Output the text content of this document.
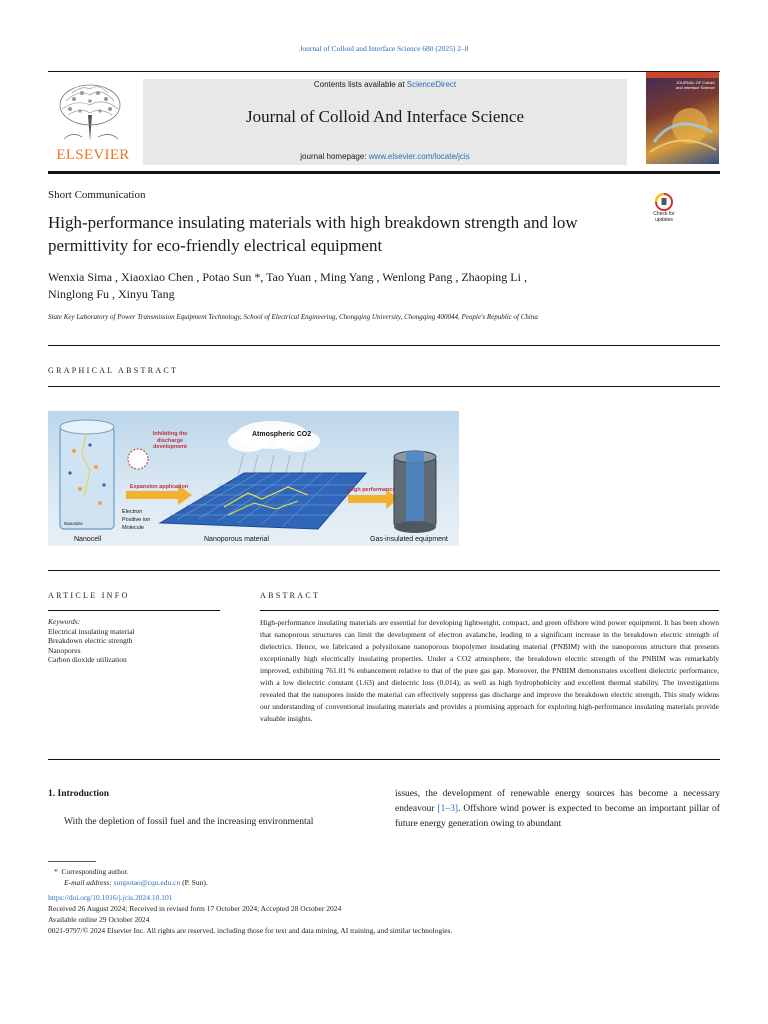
Journal of Colloid and Interface Science 680 (2025) 2–8
ELSEVIER
Contents lists available at ScienceDirect
Journal of Colloid And Interface Science
journal homepage: www.elsevier.com/locate/jcis
JOURNAL OF Colloid and Interface Science
Short Communication
Check for updates
High-performance insulating materials with high breakdown strength and low permittivity for eco-friendly electrical equipment
Wenxia Sima , Xiaoxiao Chen , Potao Sun *, Tao Yuan , Ming Yang , Wenlong Pang , Zhaoping Li ,
Ninglong Fu , Xinyu Tang
State Key Laboratory of Power Transmission Equipment Technology, School of Electrical Engineering, Chongqing University, Chongqing 400044, People's Republic of China
GRAPHICAL ABSTRACT
Inhibiting the discharge development
Atmospheric CO2
Expansion application	High performance
Electron
Positive ion
Molecule
Nanosize
Nanocell	Nanoporous material	Gas-insulated equipment
ARTICLE INFO
Keywords:
Electrical insulating material
Breakdown electric strength
Nanopores
Carbon dioxide utilization
ABSTRACT
High-performance insulating materials are essential for developing lightweight, compact, and green offshore wind power equipment. It has been shown that nanoporous structures can limit the development of electron avalanche, leading to a significant increase in the breakdown electric strength of dielectrics. Hence, we fabricated a polysiloxane nanoporous biopolymer insulating material (PNBIM) with the nanoporous structure that presents exceptionally high electrically insulating properties. Under a CO2 atmosphere, the breakdown electric strength of the PNBIM was remarkably improved, exhibiting 761.01 % enhancement relative to that of the pure gas gap. Moreover, the PNBIM demonstrates excellent dielectric performance, with a low dielectric constant (1.63) and dielectric loss (0.014), as well as high hydrophobicity and excellent thermal stability. The investigations revealed that the nanopores inside the material can effectively suppress gas discharge and improve the breakdown electric strength. This study widens our understanding of conventional insulating materials and provides a promising approach for exploring high-performance insulating materials provide valuable insights.
1. Introduction
With the depletion of fossil fuel and the increasing environmental
issues, the development of renewable energy sources has become a necessary endeavour [1–3]. Offshore wind power is expected to become an important pillar of future energy generation owing to abundant
*  Corresponding author.
E-mail address: sunpotao@cqu.edu.cn (P. Sun).
https://doi.org/10.1016/j.jcis.2024.10.101
Received 26 August 2024; Received in revised form 17 October 2024; Accepted 28 October 2024
Available online 29 October 2024
0021-9797/© 2024 Elsevier Inc. All rights are reserved, including those for text and data mining, AI training, and similar technologies.
